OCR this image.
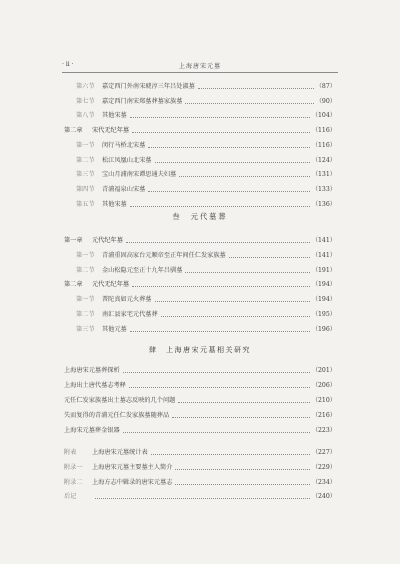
· ii ·	上海唐宋元墓
第六节 嘉定西门外南宋琥淳三年吕处淑墓	（87）
第七节 嘉定西门南宋郑墓葬墓家族墓	（90）
第八节 其他宋墓	（104）
第二章 宋代无纪年墓	（116）
第一节 闵行马桥北宋墓	（116）
第二节 松江凤凰山北宋墓	（124）
第三节 宝山月浦南宋谭思通夫妇墓	（131）
第四节 青浦福泉山宋墓	（133）
第五节 其他宋墓	（136）
第一章 元代纪年墓	（141）
第一节 青浦重固高家台元顺帝至正年间任仁发家族墓	（141）
第二节 金山松隐元至正十九年吕驯墓	（191）
第二章 元代无纪年墓	（194）
第一节 普陀真如元火葬墓	（194）
第二节 南汇县家宅元代墓葬	（195）
第三节 其他元墓	（196）
上海唐宋元墓葬探析	（201）
上海出土唐代墓志考释	（206）
元任仁发家族墓出土墓志反映的几个问题	（210）
失而复得的青浦元任仁发家族墓随葬品	（216）
上海宋元墓葬金银器	（223）
附表	上海唐宋元墓统计表	（227）
附录一 上海唐宋元墓主要墓主人简介	（229）
附录二 上海方志中辑录的唐宋元墓志	（234）
后记	（240）
叁　元代墓葬
肆　上海唐宋元墓相关研究
